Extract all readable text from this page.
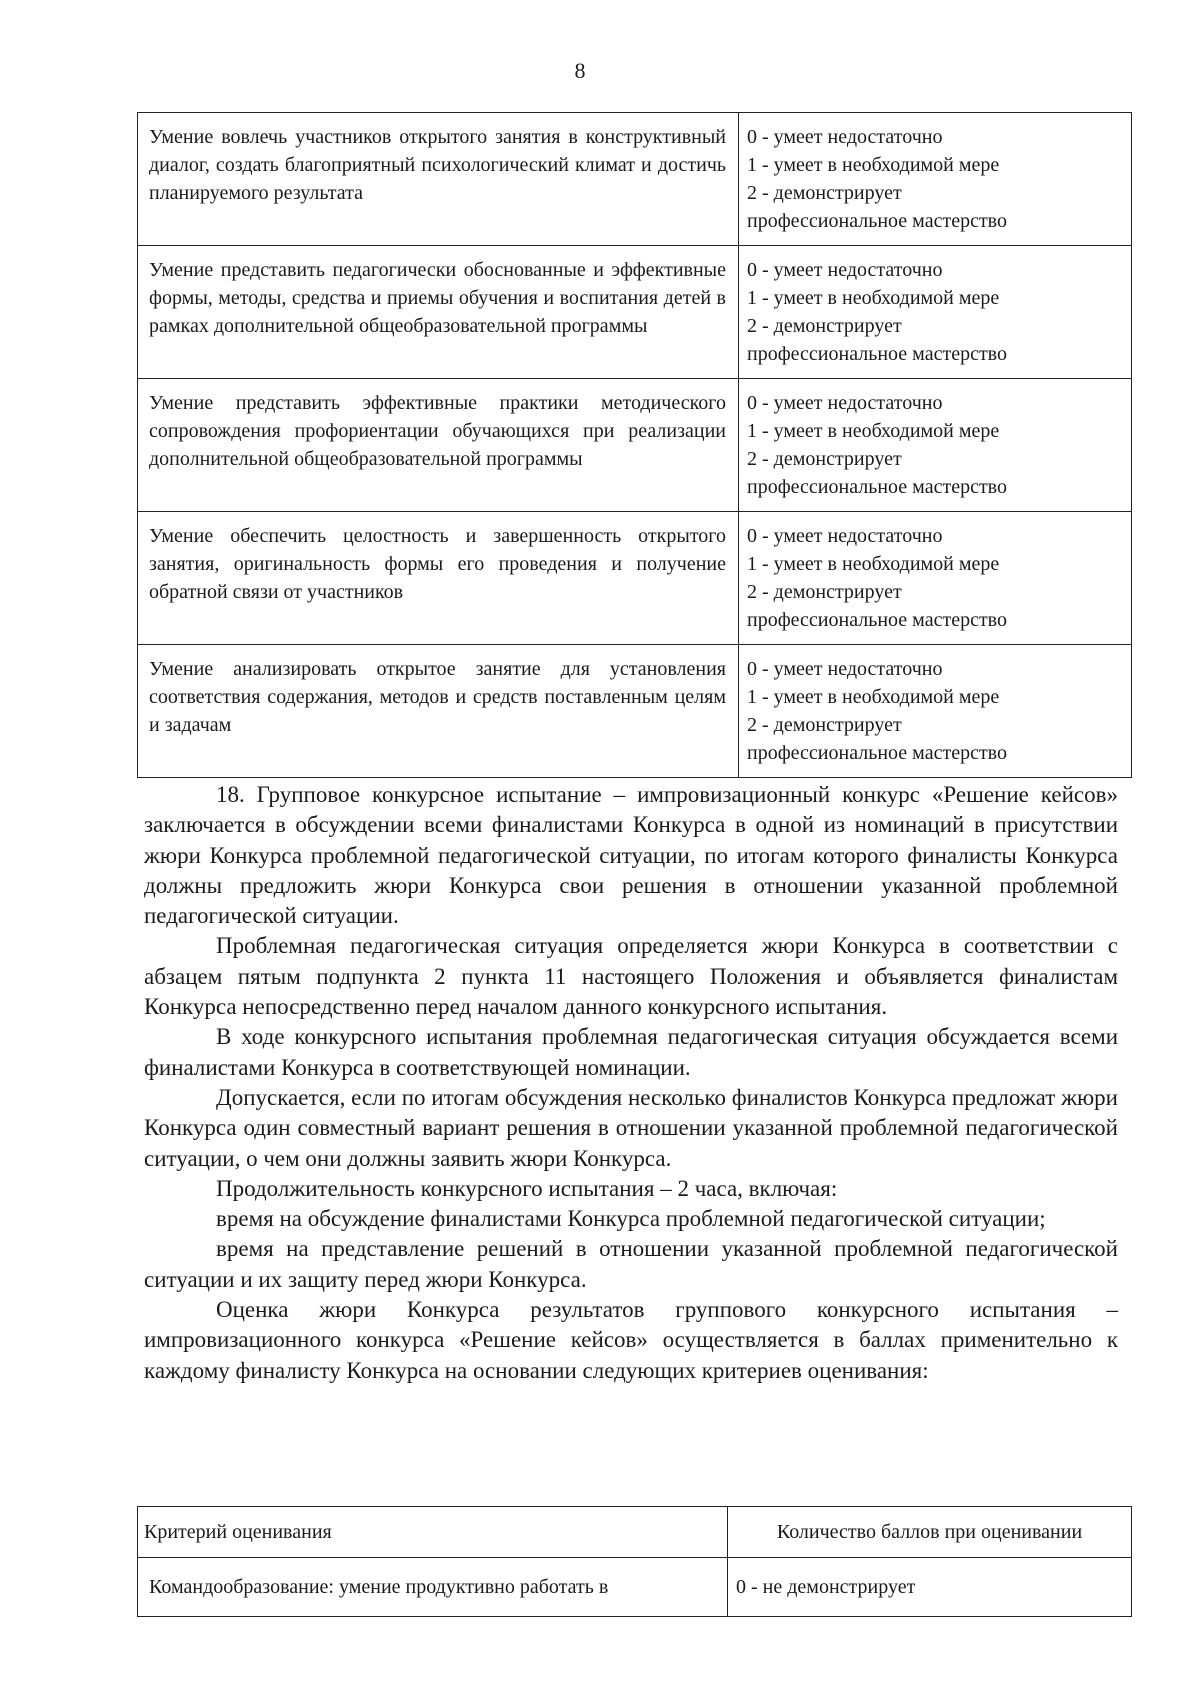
8
Умение вовлечь участников открытого занятия в конструктивный диалог, создать благоприятный психологический климат и достичь планируемого результата	0 - умеет недостаточно
1 - умеет в необходимой мере
2 - демонстрирует
профессиональное мастерство

Умение представить педагогически обоснованные и эффективные формы, методы, средства и приемы обучения и воспитания детей в рамках дополнительной общеобразовательной программы	0 - умеет недостаточно
1 - умеет в необходимой мере
2 - демонстрирует
профессиональное мастерство

Умение представить эффективные практики методического сопровождения профориентации обучающихся при реализации дополнительной общеобразовательной программы	0 - умеет недостаточно
1 - умеет в необходимой мере
2 - демонстрирует
профессиональное мастерство

Умение обеспечить целостность и завершенность открытого занятия, оригинальность формы его проведения и получение обратной связи от участников	0 - умеет недостаточно
1 - умеет в необходимой мере
2 - демонстрирует
профессиональное мастерство

Умение анализировать открытое занятие для установления соответствия содержания, методов и средств поставленным целям и задачам	0 - умеет недостаточно
1 - умеет в необходимой мере
2 - демонстрирует
профессиональное мастерство

18. Групповое конкурсное испытание – импровизационный конкурс «Решение кейсов» заключается в обсуждении всеми финалистами Конкурса в одной из номинаций в присутствии жюри Конкурса проблемной педагогической ситуации, по итогам которого финалисты Конкурса должны предложить жюри Конкурса свои решения в отношении указанной проблемной педагогической ситуации.

Проблемная педагогическая ситуация определяется жюри Конкурса в соответствии с абзацем пятым подпункта 2 пункта 11 настоящего Положения и объявляется финалистам Конкурса непосредственно перед началом данного конкурсного испытания.

В ходе конкурсного испытания проблемная педагогическая ситуация обсуждается всеми финалистами Конкурса в соответствующей номинации.

Допускается, если по итогам обсуждения несколько финалистов Конкурса предложат жюри Конкурса один совместный вариант решения в отношении указанной проблемной педагогической ситуации, о чем они должны заявить жюри Конкурса.

Продолжительность конкурсного испытания – 2 часа, включая:

время на обсуждение финалистами Конкурса проблемной педагогической ситуации;

время на представление решений в отношении указанной проблемной педагогической ситуации и их защиту перед жюри Конкурса.

Оценка жюри Конкурса результатов группового конкурсного испытания – импровизационного конкурса «Решение кейсов» осуществляется в баллах применительно к каждому финалисту Конкурса на основании следующих критериев оценивания:

Критерий оценивания	Количество баллов при оценивании
Командообразование: умение продуктивно работать в	0 - не демонстрирует
